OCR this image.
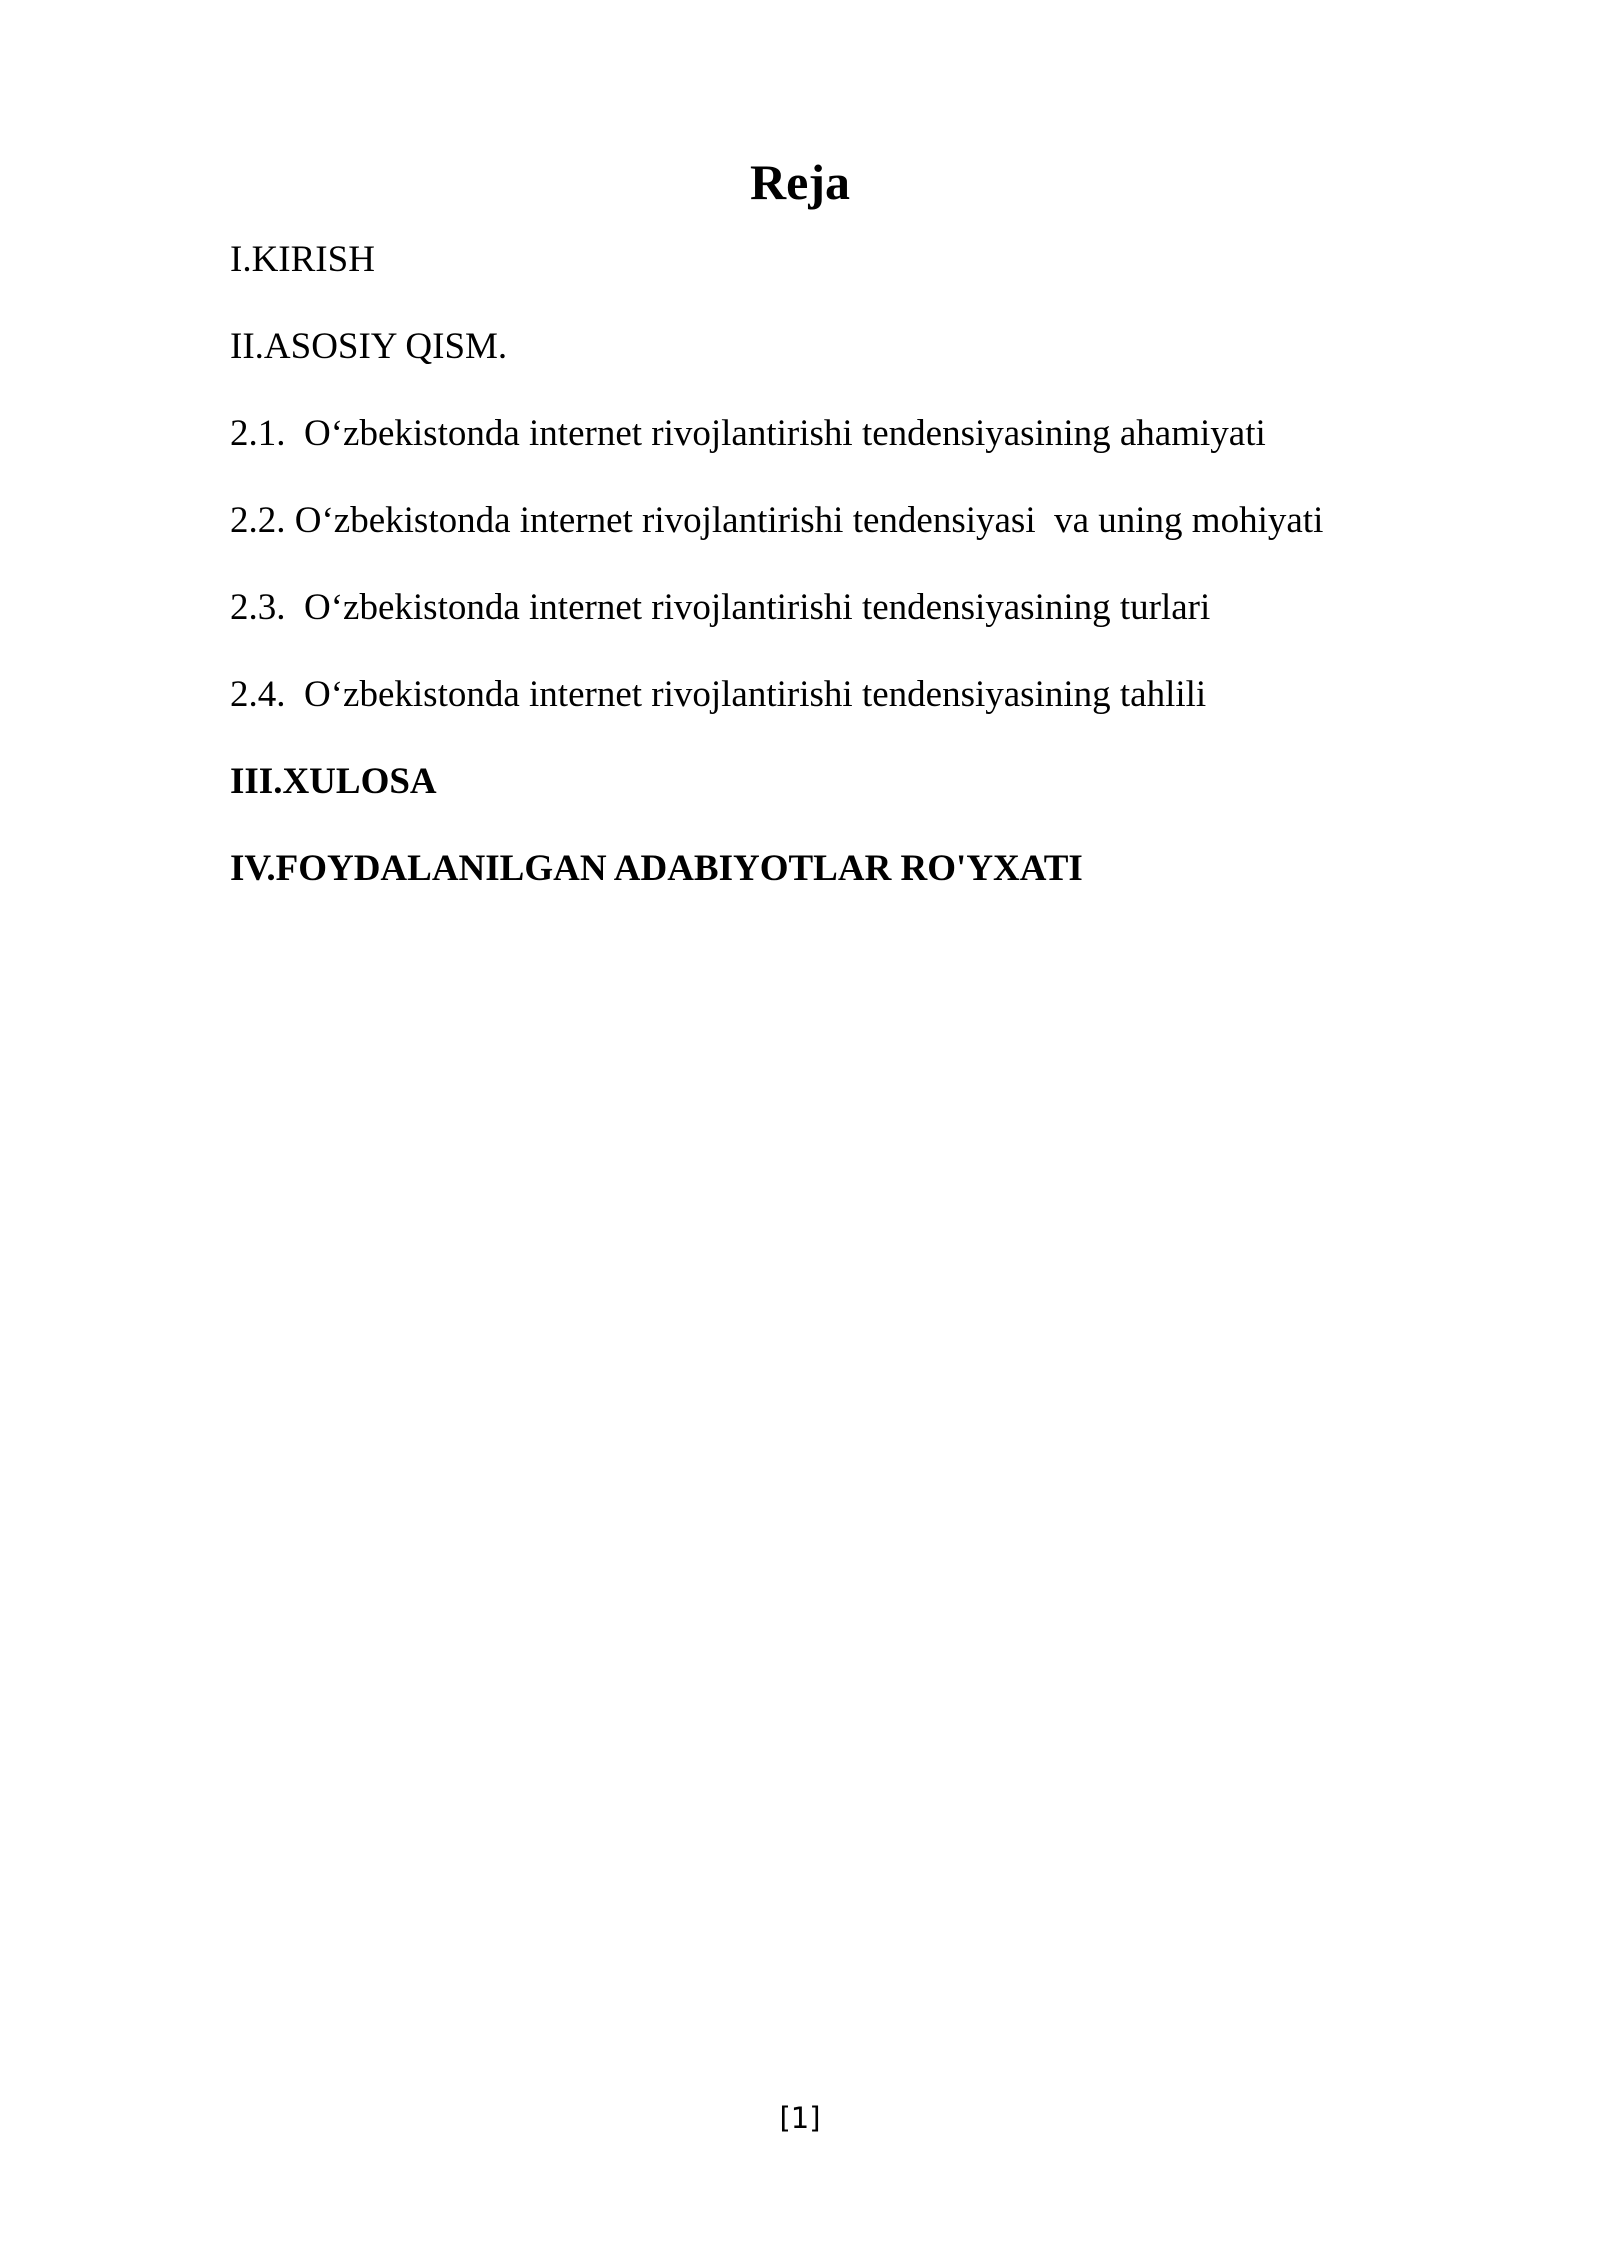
Reja
I.KIRISH
II.ASOSIY QISM.
2.1.  O‘zbekistonda internet rivojlantirishi tendensiyasining ahamiyati
2.2. O‘zbekistonda internet rivojlantirishi tendensiyasi  va uning mohiyati
2.3.  O‘zbekistonda internet rivojlantirishi tendensiyasining turlari
2.4.  O‘zbekistonda internet rivojlantirishi tendensiyasining tahlili
III.XULOSA
IV.FOYDALANILGAN ADABIYOTLAR RO'YXATI
[1]
